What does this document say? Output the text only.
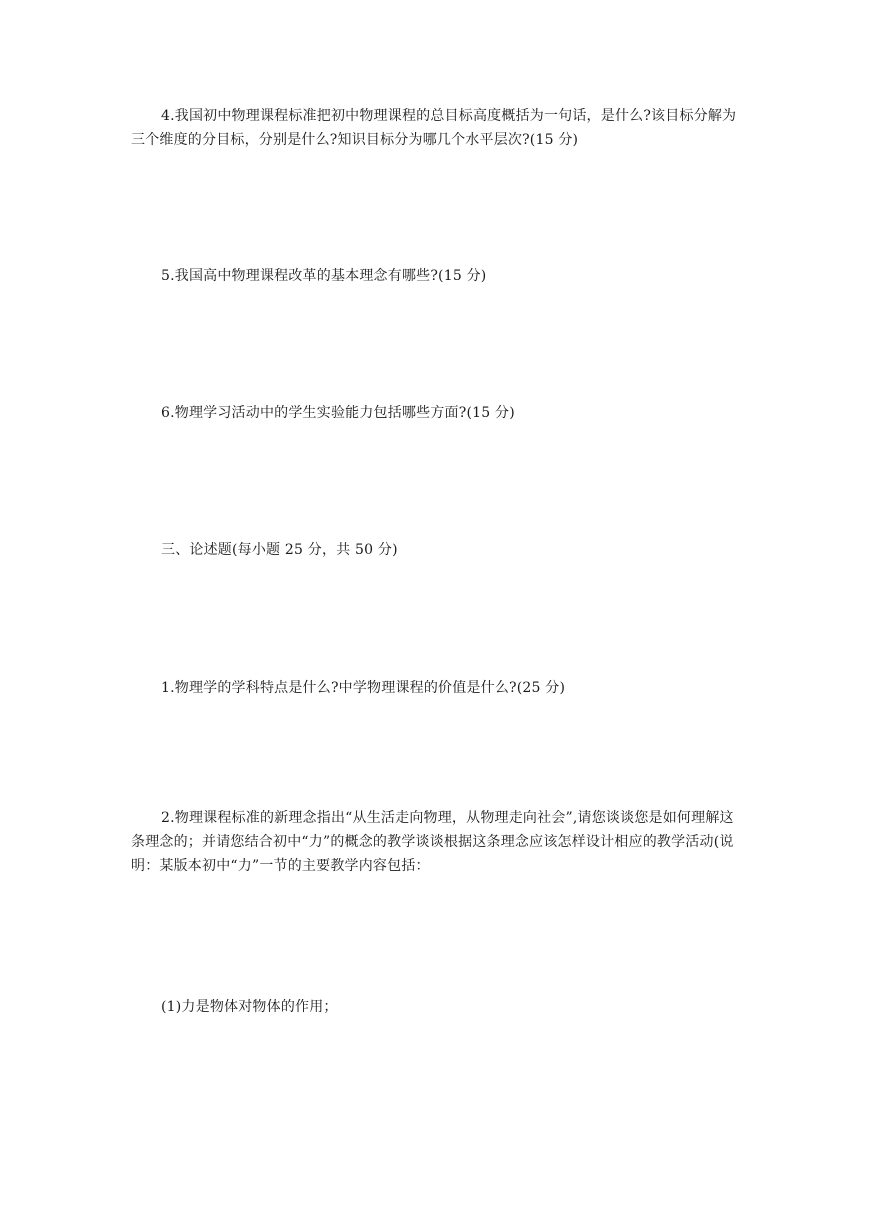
4.我国初中物理课程标准把初中物理课程的总目标高度概括为一句话，是什么?该目标分解为三个维度的分目标，分别是什么?知识目标分为哪几个水平层次?(15 分)

5.我国高中物理课程改革的基本理念有哪些?(15 分)

6.物理学习活动中的学生实验能力包括哪些方面?(15 分)

三、论述题(每小题 25 分，共 50 分)

1.物理学的学科特点是什么?中学物理课程的价值是什么?(25 分)

2.物理课程标准的新理念指出“从生活走向物理，从物理走向社会”,请您谈谈您是如何理解这条理念的；并请您结合初中“力”的概念的教学谈谈根据这条理念应该怎样设计相应的教学活动(说明：某版本初中“力”一节的主要教学内容包括：

(1)力是物体对物体的作用；
